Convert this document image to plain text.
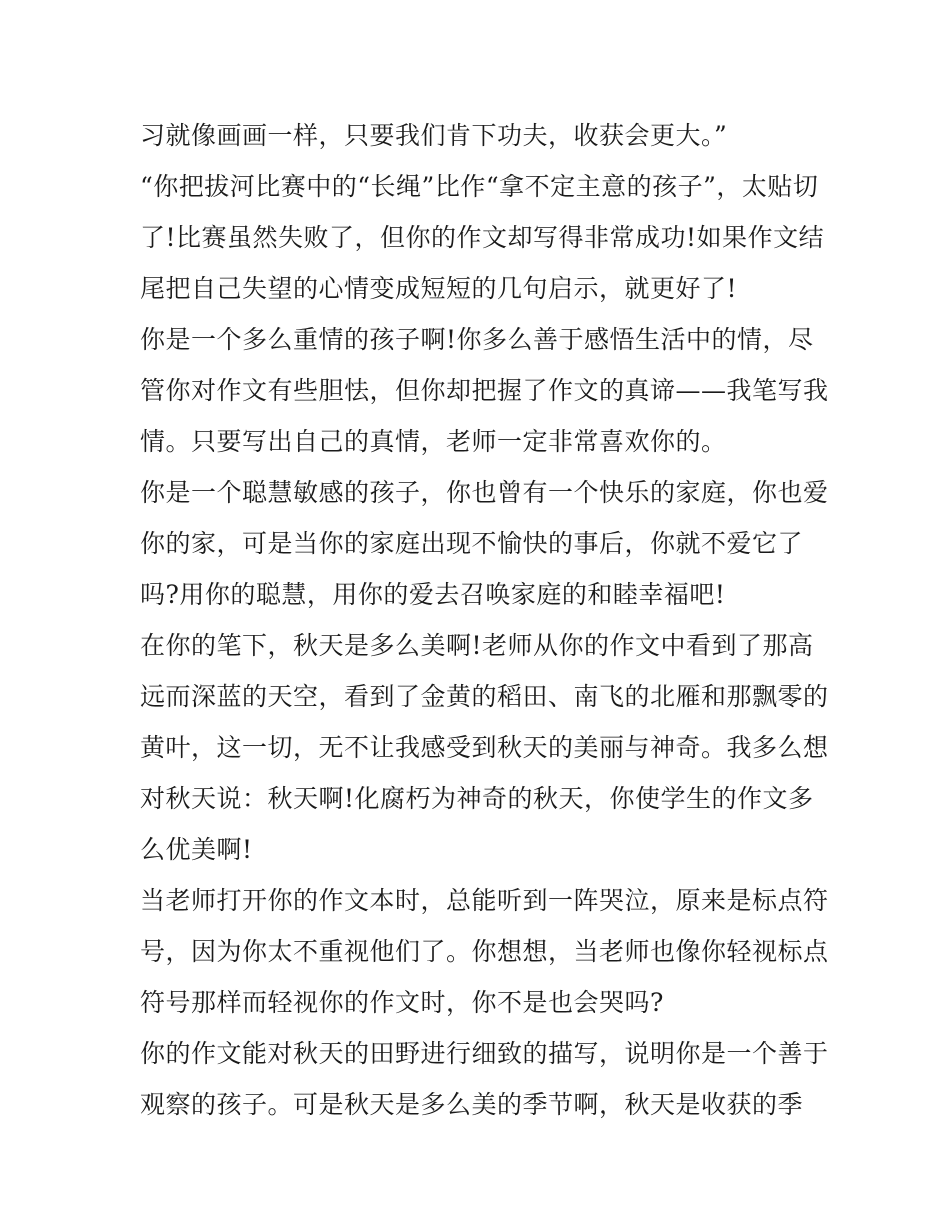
习就像画画一样，只要我们肯下功夫，收获会更大。”
“你把拔河比赛中的“长绳”比作“拿不定主意的孩子”，太贴切
了!比赛虽然失败了，但你的作文却写得非常成功!如果作文结
尾把自己失望的心情变成短短的几句启示，就更好了!
你是一个多么重情的孩子啊!你多么善于感悟生活中的情，尽
管你对作文有些胆怯，但你却把握了作文的真谛——我笔写我
情。只要写出自己的真情，老师一定非常喜欢你的。
你是一个聪慧敏感的孩子，你也曾有一个快乐的家庭，你也爱
你的家，可是当你的家庭出现不愉快的事后，你就不爱它了
吗?用你的聪慧，用你的爱去召唤家庭的和睦幸福吧!
在你的笔下，秋天是多么美啊!老师从你的作文中看到了那高
远而深蓝的天空，看到了金黄的稻田、南飞的北雁和那飘零的
黄叶，这一切，无不让我感受到秋天的美丽与神奇。我多么想
对秋天说：秋天啊!化腐朽为神奇的秋天，你使学生的作文多
么优美啊!
当老师打开你的作文本时，总能听到一阵哭泣，原来是标点符
号，因为你太不重视他们了。你想想，当老师也像你轻视标点
符号那样而轻视你的作文时，你不是也会哭吗?
你的作文能对秋天的田野进行细致的描写，说明你是一个善于
观察的孩子。可是秋天是多么美的季节啊，秋天是收获的季
